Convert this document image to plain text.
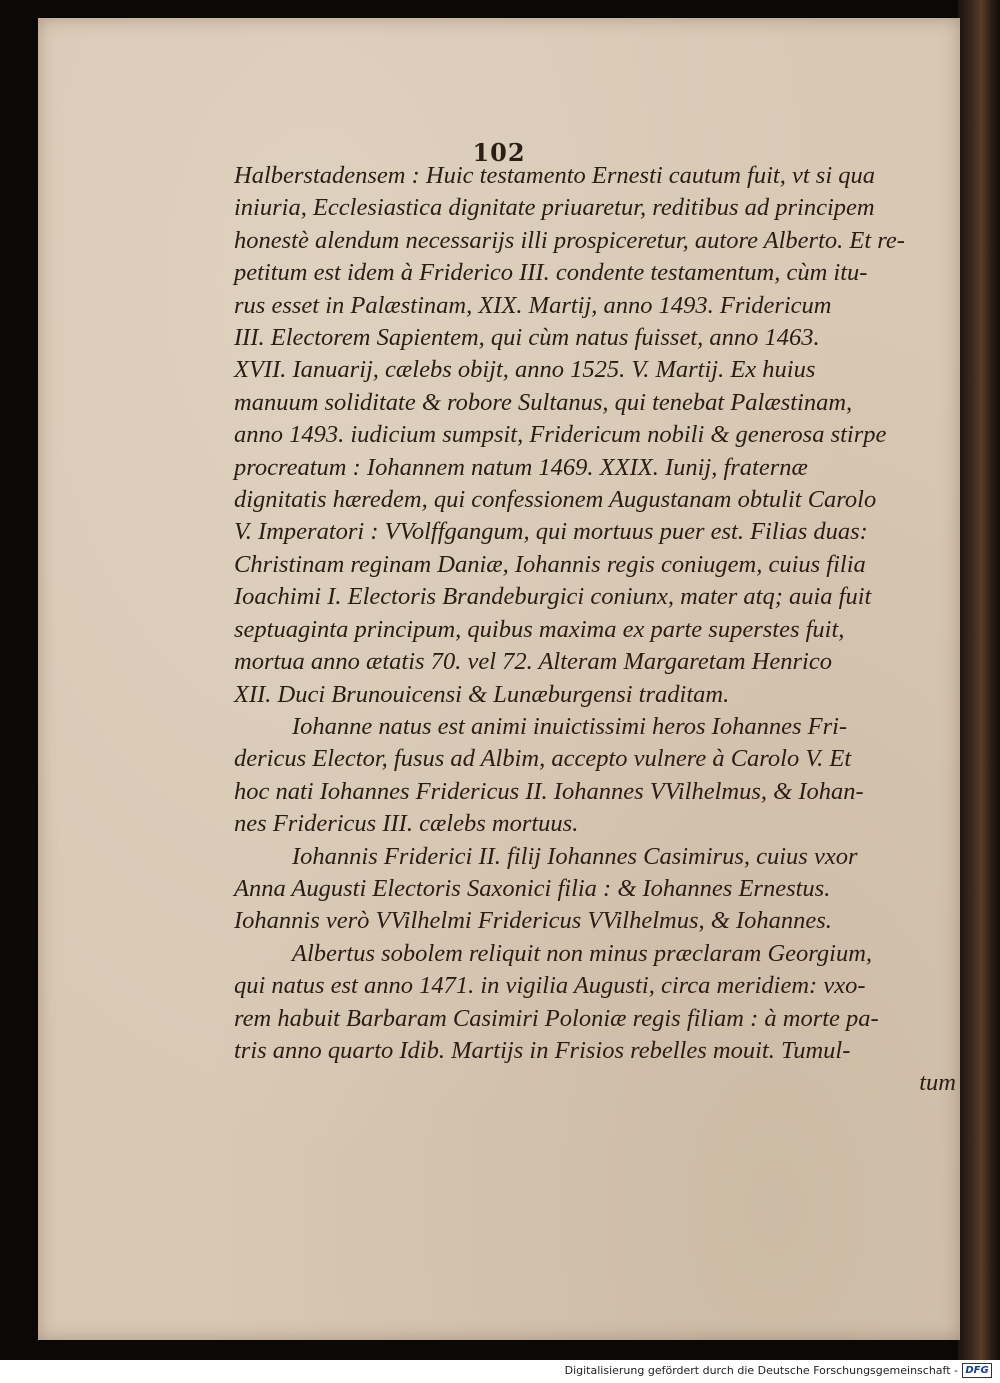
102
Halberstadensem : Huic testamento Ernesti cautum fuit, vt si qua
iniuria, Ecclesiastica dignitate priuaretur, reditibus ad principem
honestè alendum necessarijs illi prospiceretur, autore Alberto. Et re-
petitum est idem à Friderico III. condente testamentum, cùm itu-
rus esset in Palæstinam, XIX. Martij, anno 1493. Fridericum
III. Electorem Sapientem, qui cùm natus fuisset, anno 1463.
XVII. Ianuarij, cælebs obijt, anno 1525. V. Martij. Ex huius
manuum soliditate & robore Sultanus, qui tenebat Palæstinam,
anno 1493. iudicium sumpsit, Fridericum nobili & generosa stirpe
procreatum : Iohannem natum 1469. XXIX. Iunij, fraternæ
dignitatis hæredem, qui confessionem Augustanam obtulit Carolo
V. Imperatori : VVolffgangum, qui mortuus puer est. Filias duas:
Christinam reginam Daniæ, Iohannis regis coniugem, cuius filia
Ioachimi I. Electoris Brandeburgici coniunx, mater atq; auia fuit
septuaginta principum, quibus maxima ex parte superstes fuit,
mortua anno ætatis 70. vel 72. Alteram Margaretam Henrico
XII. Duci Brunouicensi & Lunæburgensi traditam.
Iohanne natus est animi inuictissimi heros Iohannes Fri-
dericus Elector, fusus ad Albim, accepto vulnere à Carolo V. Et
hoc nati Iohannes Fridericus II. Iohannes VVilhelmus, & Iohan-
nes Fridericus III. cælebs mortuus.
Iohannis Friderici II. filij Iohannes Casimirus, cuius vxor
Anna Augusti Electoris Saxonici filia : & Iohannes Ernestus.
Iohannis verò VVilhelmi Fridericus VVilhelmus, & Iohannes.
Albertus sobolem reliquit non minus præclaram Georgium,
qui natus est anno 1471. in vigilia Augusti, circa meridiem: vxo-
rem habuit Barbaram Casimiri Poloniæ regis filiam : à morte pa-
tris anno quarto Idib. Martijs in Frisios rebelles mouit. Tumul-
tum
Digitalisierung gefördert durch die Deutsche Forschungsgemeinschaft - DFG
